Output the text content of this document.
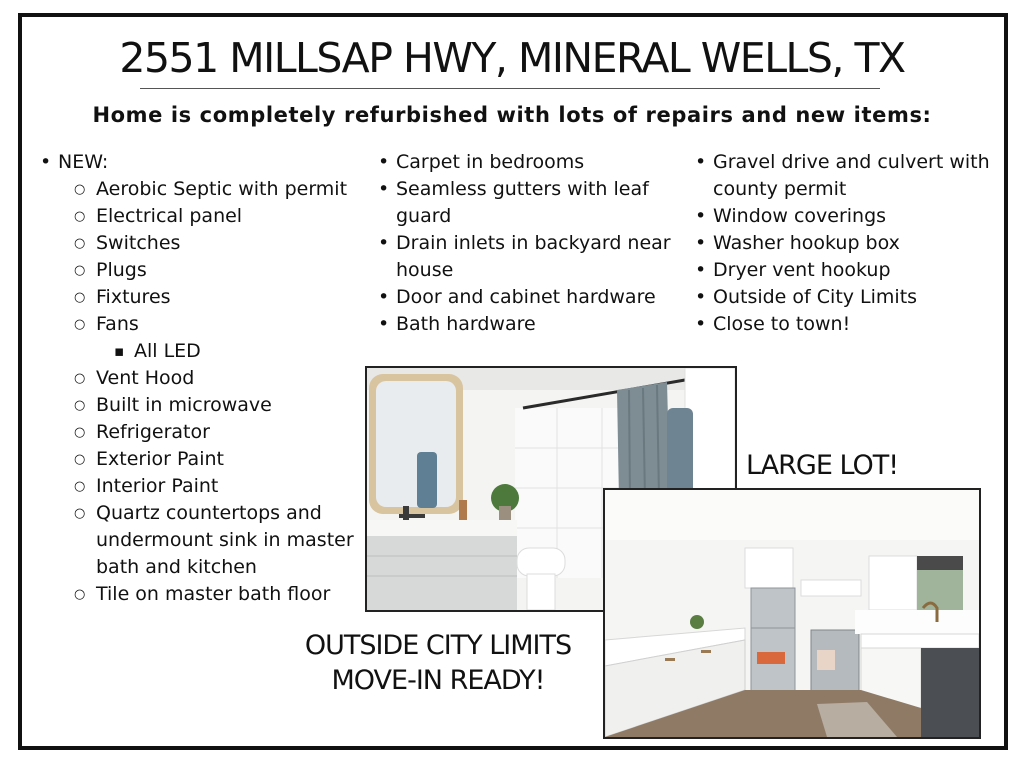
2551 MILLSAP HWY, MINERAL WELLS, TX
Home is completely refurbished with lots of repairs and new items:
• NEW:
○ Aerobic Septic with permit
○ Electrical panel
○ Switches
○ Plugs
○ Fixtures
○ Fans
▪ All LED
○ Vent Hood
○ Built in microwave
○ Refrigerator
○ Exterior Paint
○ Interior Paint
○ Quartz countertops and undermount sink in master bath and kitchen
○ Tile on master bath floor
• Carpet in bedrooms
• Seamless gutters with leaf guard
• Drain inlets in backyard near house
• Door and cabinet hardware
• Bath hardware
• Gravel drive and culvert with county permit
• Window coverings
• Washer hookup box
• Dryer vent hookup
• Outside of City Limits
• Close to town!
LARGE LOT!
OUTSIDE CITY LIMITS
MOVE-IN READY!
